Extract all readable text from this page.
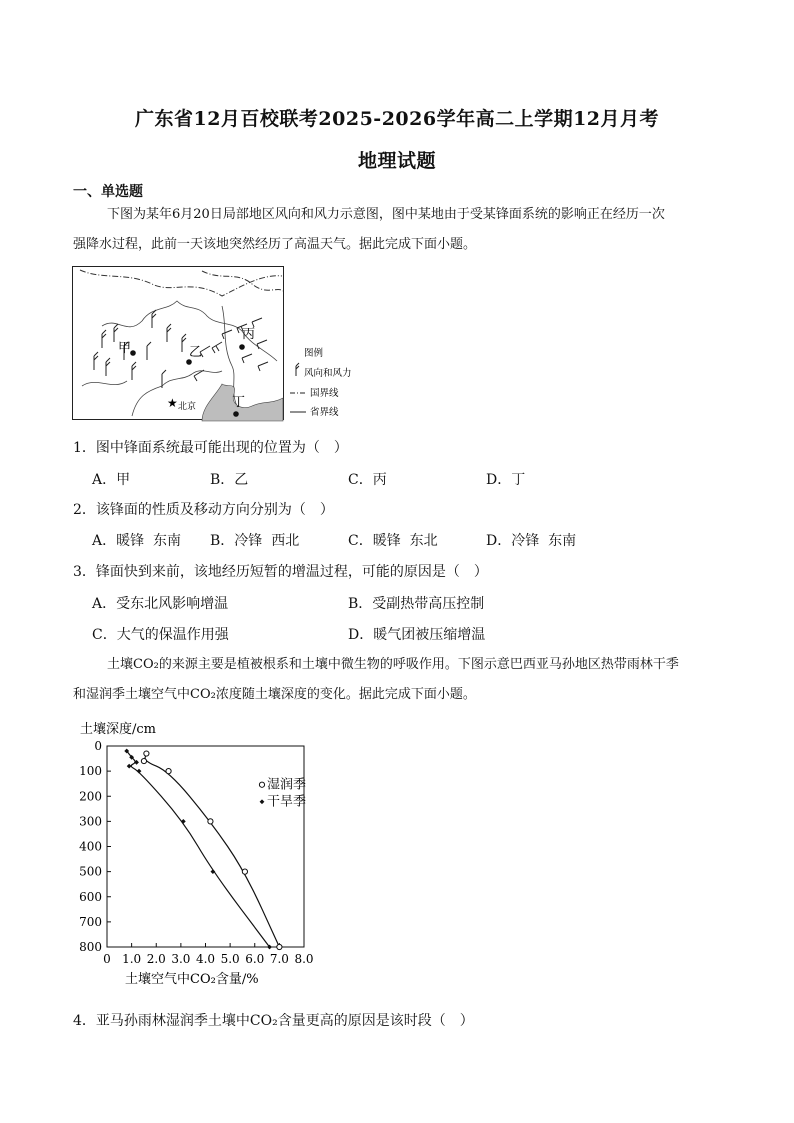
广东省12月百校联考2025-2026学年高二上学期12月月考
地理试题
一、单选题
下图为某年6月20日局部地区风向和风力示意图，图中某地由于受某锋面系统的影响正在经历一次
强降水过程，此前一天该地突然经历了高温天气。据此完成下面小题。
★
甲	乙
丙
丁
北京
图例
风向和风力
国界线
省界线
1．图中锋面系统最可能出现的位置为（　）
A．甲	B．乙	C．丙	D．丁
2．该锋面的性质及移动方向分别为（　）
A．暖锋  东南 B．冷锋  西北	C．暖锋  东北	D．冷锋  东南
3．锋面快到来前，该地经历短暂的增温过程，可能的原因是（　）
A．受东北风影响增温	B．受副热带高压控制
C．大气的保温作用强	D．暖气团被压缩增温
土壤CO₂的来源主要是植被根系和土壤中微生物的呼吸作用。下图示意巴西亚马孙地区热带雨林干季
和湿润季土壤空气中CO₂浓度随土壤深度的变化。据此完成下面小题。
土壤深度/cm
0
100
200
300
400
500
600
700
800
0 1.0 2.0 3.0 4.0 5.0 6.0 7.0 8.0
湿润季
干旱季
土壤空气中CO₂含量/%
4．亚马孙雨林湿润季土壤中CO₂含量更高的原因是该时段（　）
